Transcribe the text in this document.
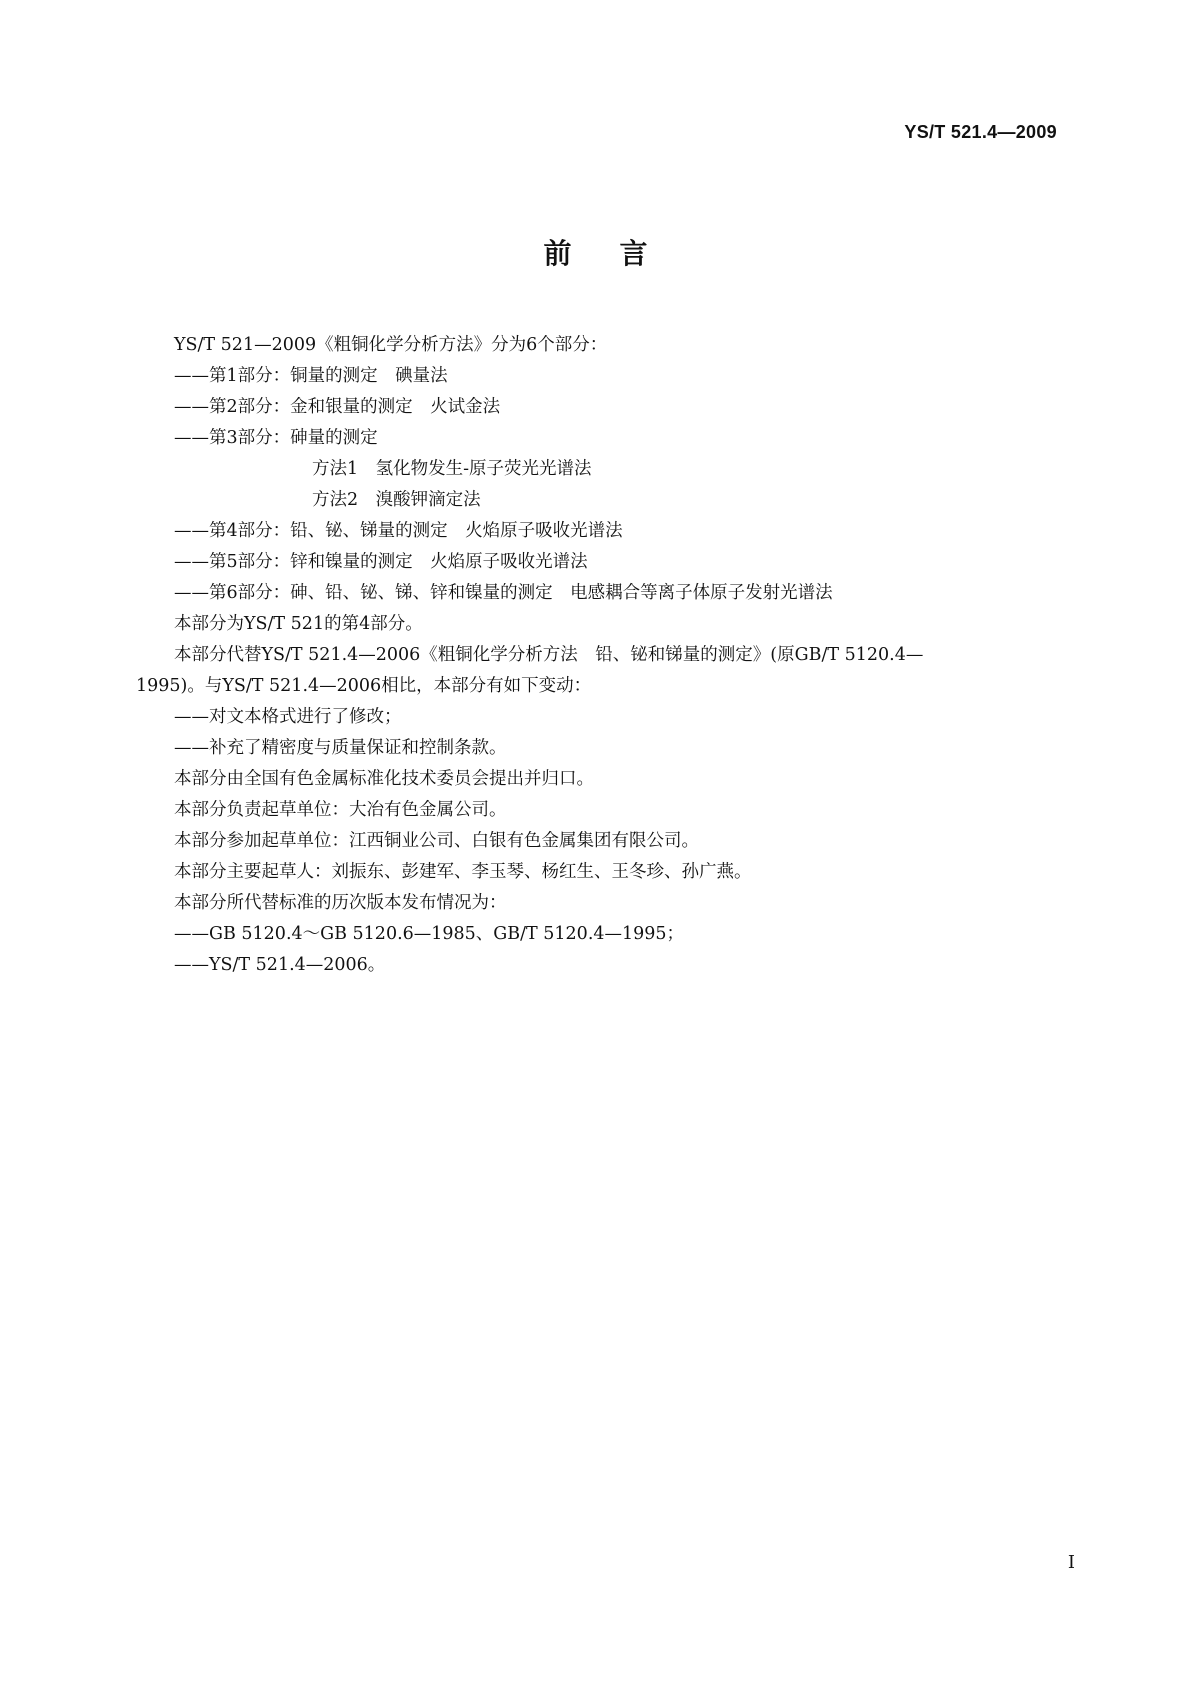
YS/T 521.4—2009
前言

YS/T 521—2009《粗铜化学分析方法》分为6个部分：

——第1部分：铜量的测定　碘量法

——第2部分：金和银量的测定　火试金法

——第3部分：砷量的测定

方法1　氢化物发生-原子荧光光谱法

方法2　溴酸钾滴定法

——第4部分：铅、铋、锑量的测定　火焰原子吸收光谱法

——第5部分：锌和镍量的测定　火焰原子吸收光谱法

——第6部分：砷、铅、铋、锑、锌和镍量的测定　电感耦合等离子体原子发射光谱法

本部分为YS/T 521的第4部分。

本部分代替YS/T 521.4—2006《粗铜化学分析方法　铅、铋和锑量的测定》(原GB/T 5120.4—

1995)。与YS/T 521.4—2006相比，本部分有如下变动：

——对文本格式进行了修改；

——补充了精密度与质量保证和控制条款。

本部分由全国有色金属标准化技术委员会提出并归口。

本部分负责起草单位：大冶有色金属公司。

本部分参加起草单位：江西铜业公司、白银有色金属集团有限公司。

本部分主要起草人：刘振东、彭建军、李玉琴、杨红生、王冬珍、孙广燕。

本部分所代替标准的历次版本发布情况为：

——GB 5120.4～GB 5120.6—1985、GB/T 5120.4—1995；

——YS/T 521.4—2006。

I
